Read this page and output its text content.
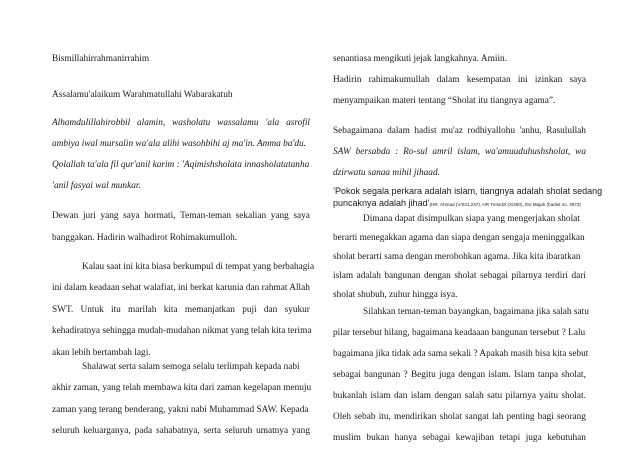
Bismillahirrahmanirrahim
Assalamu'alaikum Warahmatullahi Wabarakatuh
Alhamdulillahirobbil alamin, washolatu wassalamu 'ala asrofil
ambiya iwal mursalin wa'ala alihi wasohbihi aj ma'in. Amma ba'du.
Qolallah ta'ala fil qur'anil karim : 'Aqimishsholata innasholatatanha
'anil fasyai wal munkar.
Dewan juri yang saya hormati, Teman-teman sekalian yang saya
banggakan. Hadirin walhadirot Rohimakumulloh.
Kalau saat ini kita biasa berkumpul di tempat yang berbahagia
ini dalam keadaan sehat walafiat, ini berkat karunia dan rahmat Allah
SWT. Untuk itu marilah kita memanjatkan puji dan syukur
kehadiratnya sehingga mudah-mudahan nikmat yang telah kita terima
akan lebih bertambah lagi.
Shalawat serta salam semoga selalu terlimpah kepada nabi
akhir zaman, yang telah membawa kita dari zaman kegelapan menuju
zaman yang terang benderang, yakni nabi Muhammad SAW. Kepada
seluruh keluarganya, pada sahabatnya, serta seluruh umatnya yang
senantiasa mengikuti jejak langkahnya. Amiin.
Hadirin rahimakumullah dalam kesempatan ini izinkan saya
menyampaikan materi tentang “Sholat itu tiangnya agama”.
Sebagaimana dalam hadist mu'az rodhiyallohu 'anhu, Rasulullah
SAW bersabda : Ro-sul amril islam, wa'amuuduhushsholat, wa
dzirwatu sanaa mihil jihaad.
’Pokok segala perkara adalah islam, tiangnya adalah sholat sedang
puncaknya adalah jihad’(HR. Ahmad (V/231,237), HR Tirmidzi (X/260), Ibn Majah (hadist no. 3973)
Dimana dapat disimpulkan siapa yang mengerjakan sholat
berarti menegakkan agama dan siapa dengan sengaja meninggalkan
sholat berarti sama dengan merobohkan agama. Jika kita ibaratkan
islam adalah bangunan dengan sholat sebagai pilarnya terdiri dari
sholat shubuh, zuhur hingga isya.
Silahkan teman-teman bayangkan, bagaimana jika salah satu
pilar tersebut hilang, bagaimana keadaaan bangunan tersebut ? Lalu
bagaimana jika tidak ada sama sekali ? Apakah masih bisa kita sebut
sebagai bangunan ? Begitu juga dengan islam. Islam tanpa sholat,
bukanlah islam dan islam dengan salah satu pilarnya yaitu sholat.
Oleh sebab itu, mendirikan sholat sangat lah penting bagi seorang
muslim bukan hanya sebagai kewajiban tetapi juga kebutuhan
